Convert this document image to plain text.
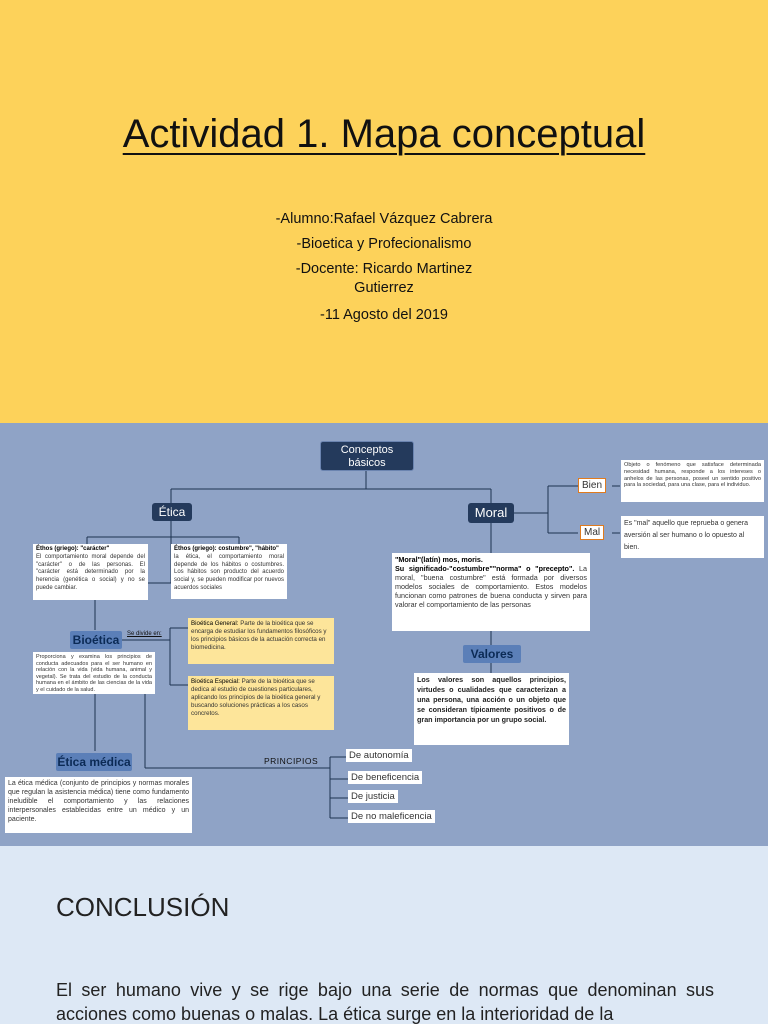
Actividad 1. Mapa conceptual
-Alumno:Rafael Vázquez Cabrera
-Bioetica y Profecionalismo
-Docente: Ricardo Martinez
Gutierrez
-11 Agosto del 2019
Conceptos básicos
Ética	Moral
Éthos (griego): "carácter"
El comportamiento moral depende del "carácter" o de las personas. El "carácter está determinado por la herencia (genética o social) y no se puede cambiar.
Éthos (griego): costumbre", "hábito"
la ética, el comportamiento moral depende de los hábitos o costumbres. Los hábitos son producto del acuerdo social y, se pueden modificar por nuevos acuerdos sociales
Bioética	Se divide en:
Proporciona y examina los principios de conducta adecuados para el ser humano en relación con la vida (vida humana, animal y vegetal). Se trata del estudio de la conducta humana en el ámbito de las ciencias de la vida y el cuidado de la salud.
Bioética General: Parte de la bioética que se encarga de estudiar los fundamentos filosóficos y los principios básicos de la actuación correcta en biomedicina.
Bioética Especial: Parte de la bioética que se dedica al estudio de cuestiones particulares, aplicando los principios de la bioética general y buscando soluciones prácticas a los casos concretos.
Ética médica
La ética médica (conjunto de principios y normas morales que regulan la asistencia médica) tiene como fundamento ineludible el comportamiento y las relaciones interpersonales establecidas entre un médico y un paciente.
PRINCIPIOS	De autonomía
De beneficencia
De justicia
De no maleficencia
Bien
Mal
Objeto o fenómeno que satisface determinada necesidad humana, responde a los intereses o anhelos de las personas, poseel un sentido positivo para la sociedad, para una clase, para el individuo.
Es "mal" aquello que reprueba o genera aversión al ser humano o lo opuesto al bien.
"Moral"(latín) mos, moris.
Su significado-"costumbre""norma" o "precepto". La moral, "buena costumbre" está formada por diversos modelos sociales de comportamiento. Estos modelos funcionan como patrones de buena conducta y sirven para valorar el comportamiento de las personas
Valores
Los valores son aquellos principios, virtudes o cualidades que caracterizan a una persona, una acción o un objeto que se consideran típicamente positivos o de gran importancia por un grupo social.
CONCLUSIÓN
El ser humano vive y se rige bajo una serie de normas que denominan sus acciones como buenas o malas. La ética surge en la interioridad de la
